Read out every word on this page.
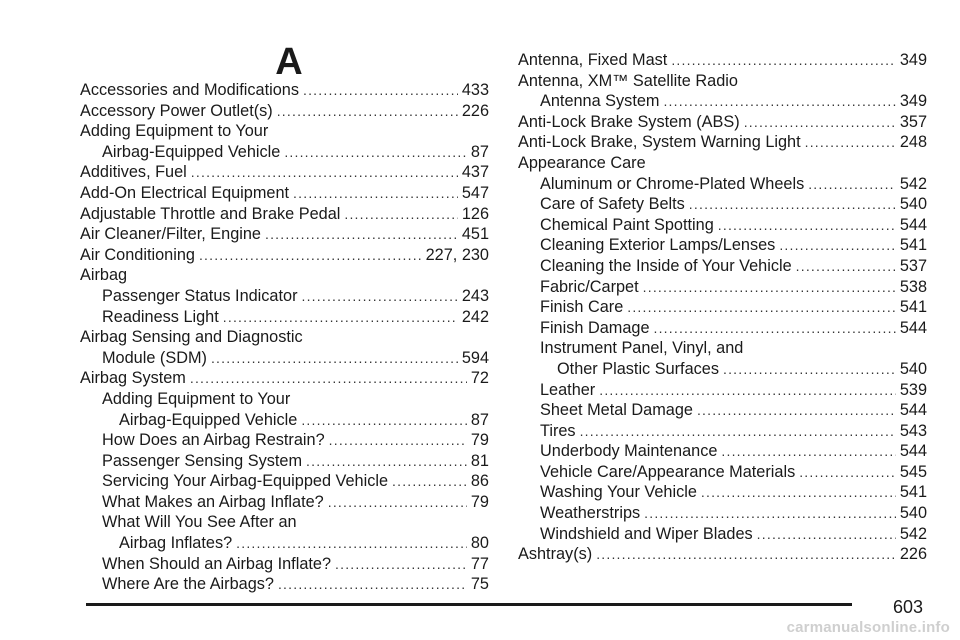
A
Accessories and Modifications .....	433
Accessory Power Outlet(s) .....	226
Adding Equipment to Your
Airbag-Equipped Vehicle .....	87
Additives, Fuel .....	437
Add-On Electrical Equipment .....	547
Adjustable Throttle and Brake Pedal .....	126
Air Cleaner/Filter, Engine .....	451
Air Conditioning .....	227, 230
Airbag
Passenger Status Indicator .....	243
Readiness Light .....	242
Airbag Sensing and Diagnostic
Module (SDM) .....	594
Airbag System .....	72
Adding Equipment to Your
Airbag-Equipped Vehicle .....	87
How Does an Airbag Restrain? .....	79
Passenger Sensing System .....	81
Servicing Your Airbag-Equipped Vehicle .....	86
What Makes an Airbag Inflate? .....	79
What Will You See After an
Airbag Inflates? .....	80
When Should an Airbag Inflate? .....	77
Where Are the Airbags? .....	75
Antenna, Fixed Mast .....	349
Antenna, XM™ Satellite Radio
Antenna System .....	349
Anti-Lock Brake System (ABS) .....	357
Anti-Lock Brake, System Warning Light .....	248
Appearance Care
Aluminum or Chrome-Plated Wheels .....	542
Care of Safety Belts .....	540
Chemical Paint Spotting .....	544
Cleaning Exterior Lamps/Lenses .....	541
Cleaning the Inside of Your Vehicle .....	537
Fabric/Carpet .....	538
Finish Care .....	541
Finish Damage .....	544
Instrument Panel, Vinyl, and
Other Plastic Surfaces .....	540
Leather .....	539
Sheet Metal Damage .....	544
Tires .....	543
Underbody Maintenance .....	544
Vehicle Care/Appearance Materials .....	545
Washing Your Vehicle .....	541
Weatherstrips .....	540
Windshield and Wiper Blades .....	542
Ashtray(s) .....	226
603
carmanualsonline.info
